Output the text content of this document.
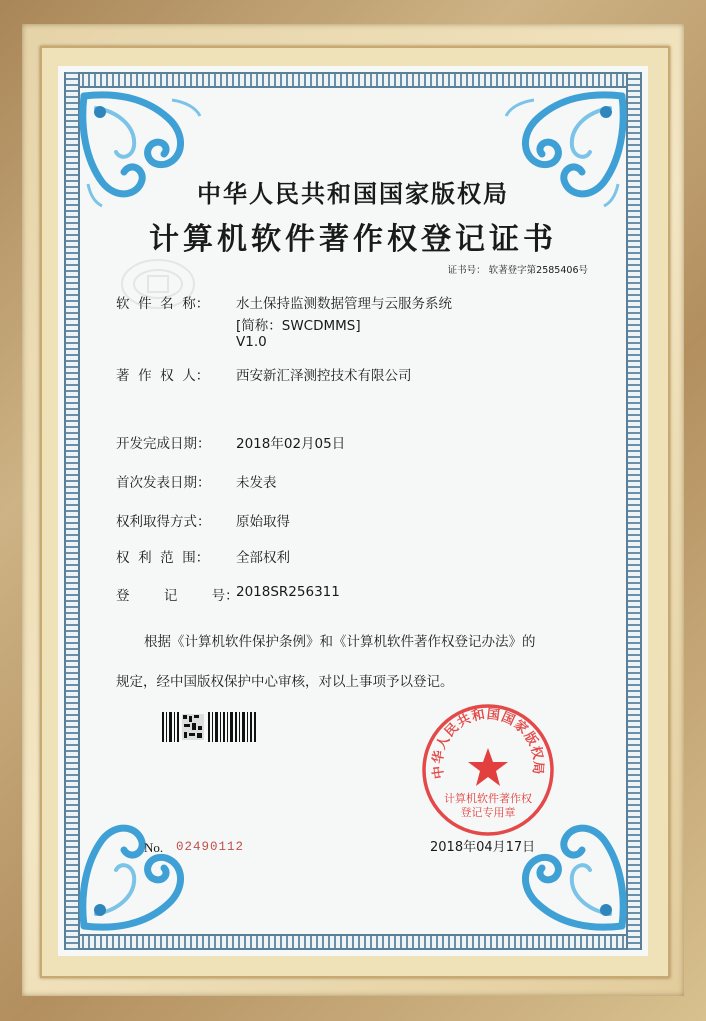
中华人民共和国国家版权局
计算机软件著作权登记证书
证书号： 软著登字第2585406号
软  件  名  称： 水土保持监测数据管理与云服务系统
[简称：SWCDMMS]
V1.0
著  作  权  人： 西安新汇泽测控技术有限公司
开发完成日期： 2018年02月05日
首次发表日期： 未发表
权利取得方式： 原始取得
权  利  范  围： 全部权利
登        记        号：
2018SR256311
根据《计算机软件保护条例》和《计算机软件著作权登记办法》的
规定，经中国版权保护中心审核，对以上事项予以登记。
中华人民共和国国家版权局
计算机软件著作权
登记专用章
No. 02490112	2018年04月17日
